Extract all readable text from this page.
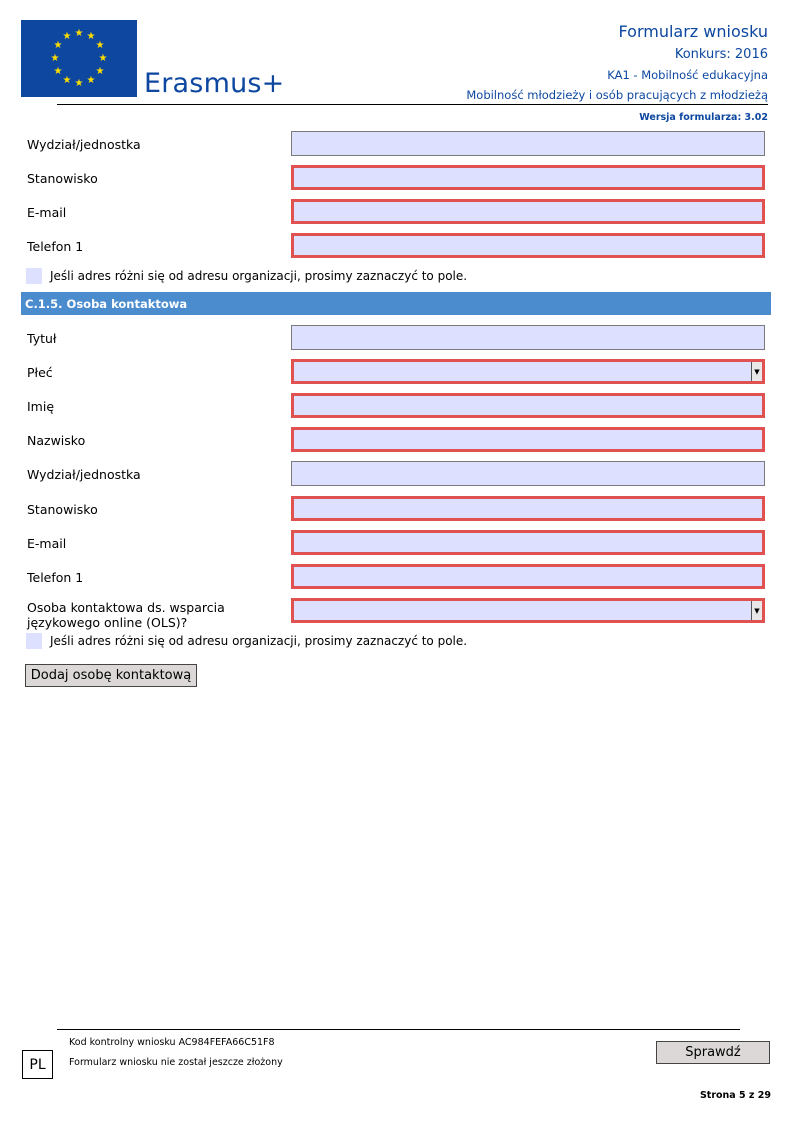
★ ★
★
★
★
★
★
★
★
★
★
★
Erasmus+
Formularz wniosku
Konkurs: 2016
KA1 - Mobilność edukacyjna
Mobilność młodzieży i osób pracujących z młodzieżą
Wersja formularza: 3.02
Wydział/jednostka
Stanowisko
E-mail
Telefon 1
Jeśli adres różni się od adresu organizacji, prosimy zaznaczyć to pole.
C.1.5. Osoba kontaktowa
Tytuł
Płeć	▼
Imię
Nazwisko
Wydział/jednostka
Stanowisko
E-mail
Telefon 1
Osoba kontaktowa ds. wsparcia językowego online (OLS)?
▼
Jeśli adres różni się od adresu organizacji, prosimy zaznaczyć to pole.
Dodaj osobę kontaktową
Kod kontrolny wniosku AC984FEFA66C51F8
Formularz wniosku nie został jeszcze złożony
PL
Sprawdź
Strona 5 z 29
